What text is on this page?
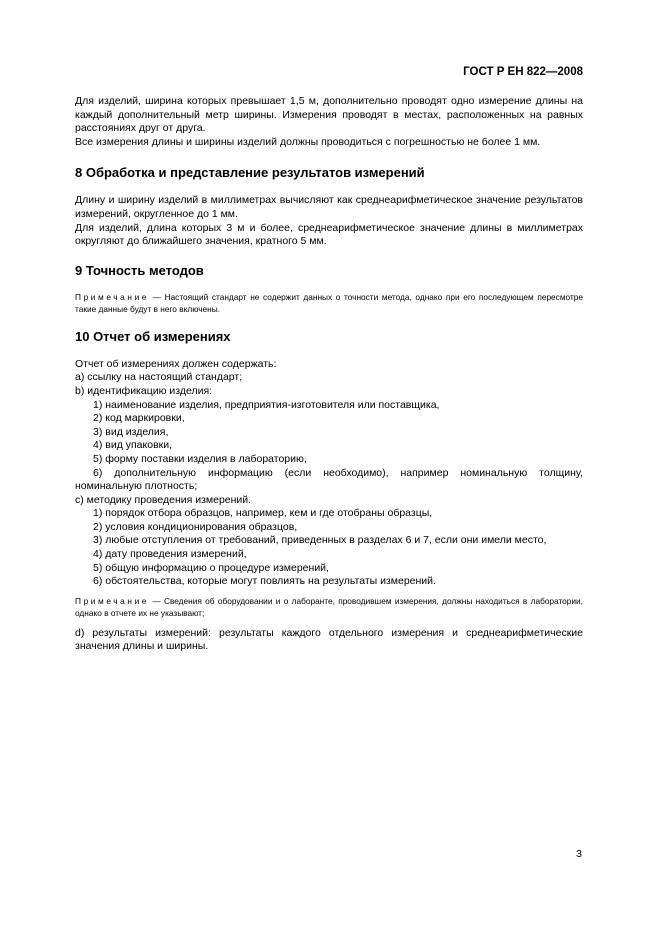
ГОСТ Р ЕН 822—2008

Для изделий, ширина которых превышает 1,5 м, дополнительно проводят одно измерение длины на каждый дополнительный метр ширины. Измерения проводят в местах, расположенных на равных расстояниях друг от друга.

Все измерения длины и ширины изделий должны проводиться с погрешностью не более 1 мм.

8 Обработка и представление результатов измерений

Длину и ширину изделий в миллиметрах вычисляют как среднеарифметическое значение результатов измерений, округленное до 1 мм.

Для изделий, длина которых 3 м и более, среднеарифметическое значение длины в миллиметрах округляют до ближайшего значения, кратного 5 мм.

9 Точность методов

Примечание — Настоящий стандарт не содержит данных о точности метода, однако при его последующем пересмотре такие данные будут в него включены.

10 Отчет об измерениях

Отчет об измерениях должен содержать:

a) ссылку на настоящий стандарт;

b) идентификацию изделия:

1) наименование изделия, предприятия-изготовителя или поставщика,

2) код маркировки,

3) вид изделия,

4) вид упаковки,

5) форму поставки изделия в лабораторию,

6) дополнительную информацию (если необходимо), например номинальную толщину, номинальную плотность;

c) методику проведения измерений.

1) порядок отбора образцов, например, кем и где отобраны образцы,

2) условия кондиционирования образцов,

3) любые отступления от требований, приведенных в разделах 6 и 7, если они имели место,

4) дату проведения измерений,

5) общую информацию о процедуре измерений,

6) обстоятельства, которые могут повлиять на результаты измерений.

Примечание — Сведения об оборудовании и о лаборанте, проводившем измерения, должны находиться в лаборатории, однако в отчете их не указывают;

d) результаты измерений: результаты каждого отдельного измерения и среднеарифметические значения длины и ширины.

3
